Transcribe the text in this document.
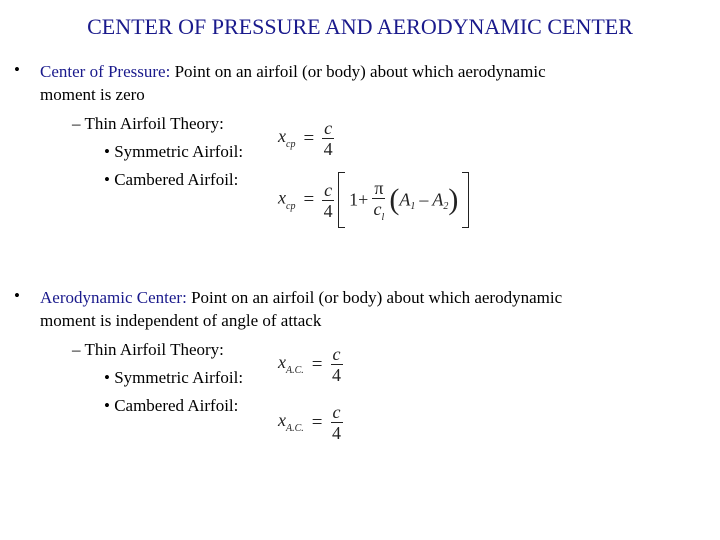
CENTER OF PRESSURE AND AERODYNAMIC CENTER
• Center of Pressure: Point on an airfoil (or body) about which aerodynamic
moment is zero
– Thin Airfoil Theory:
• Symmetric Airfoil:
• Cambered Airfoil:
$x_{cp} = \frac{c}{4}$
$x_{cp} = \frac{c}{4} 1+ \frac{\pi}{c_l} (A_1 - A_2)$
• Aerodynamic Center: Point on an airfoil (or body) about which aerodynamic
moment is independent of angle of attack
– Thin Airfoil Theory:
• Symmetric Airfoil:
• Cambered Airfoil:
$x_{A.C.} = \frac{c}{4}$
$x_{A.C.} = \frac{c}{4}$
